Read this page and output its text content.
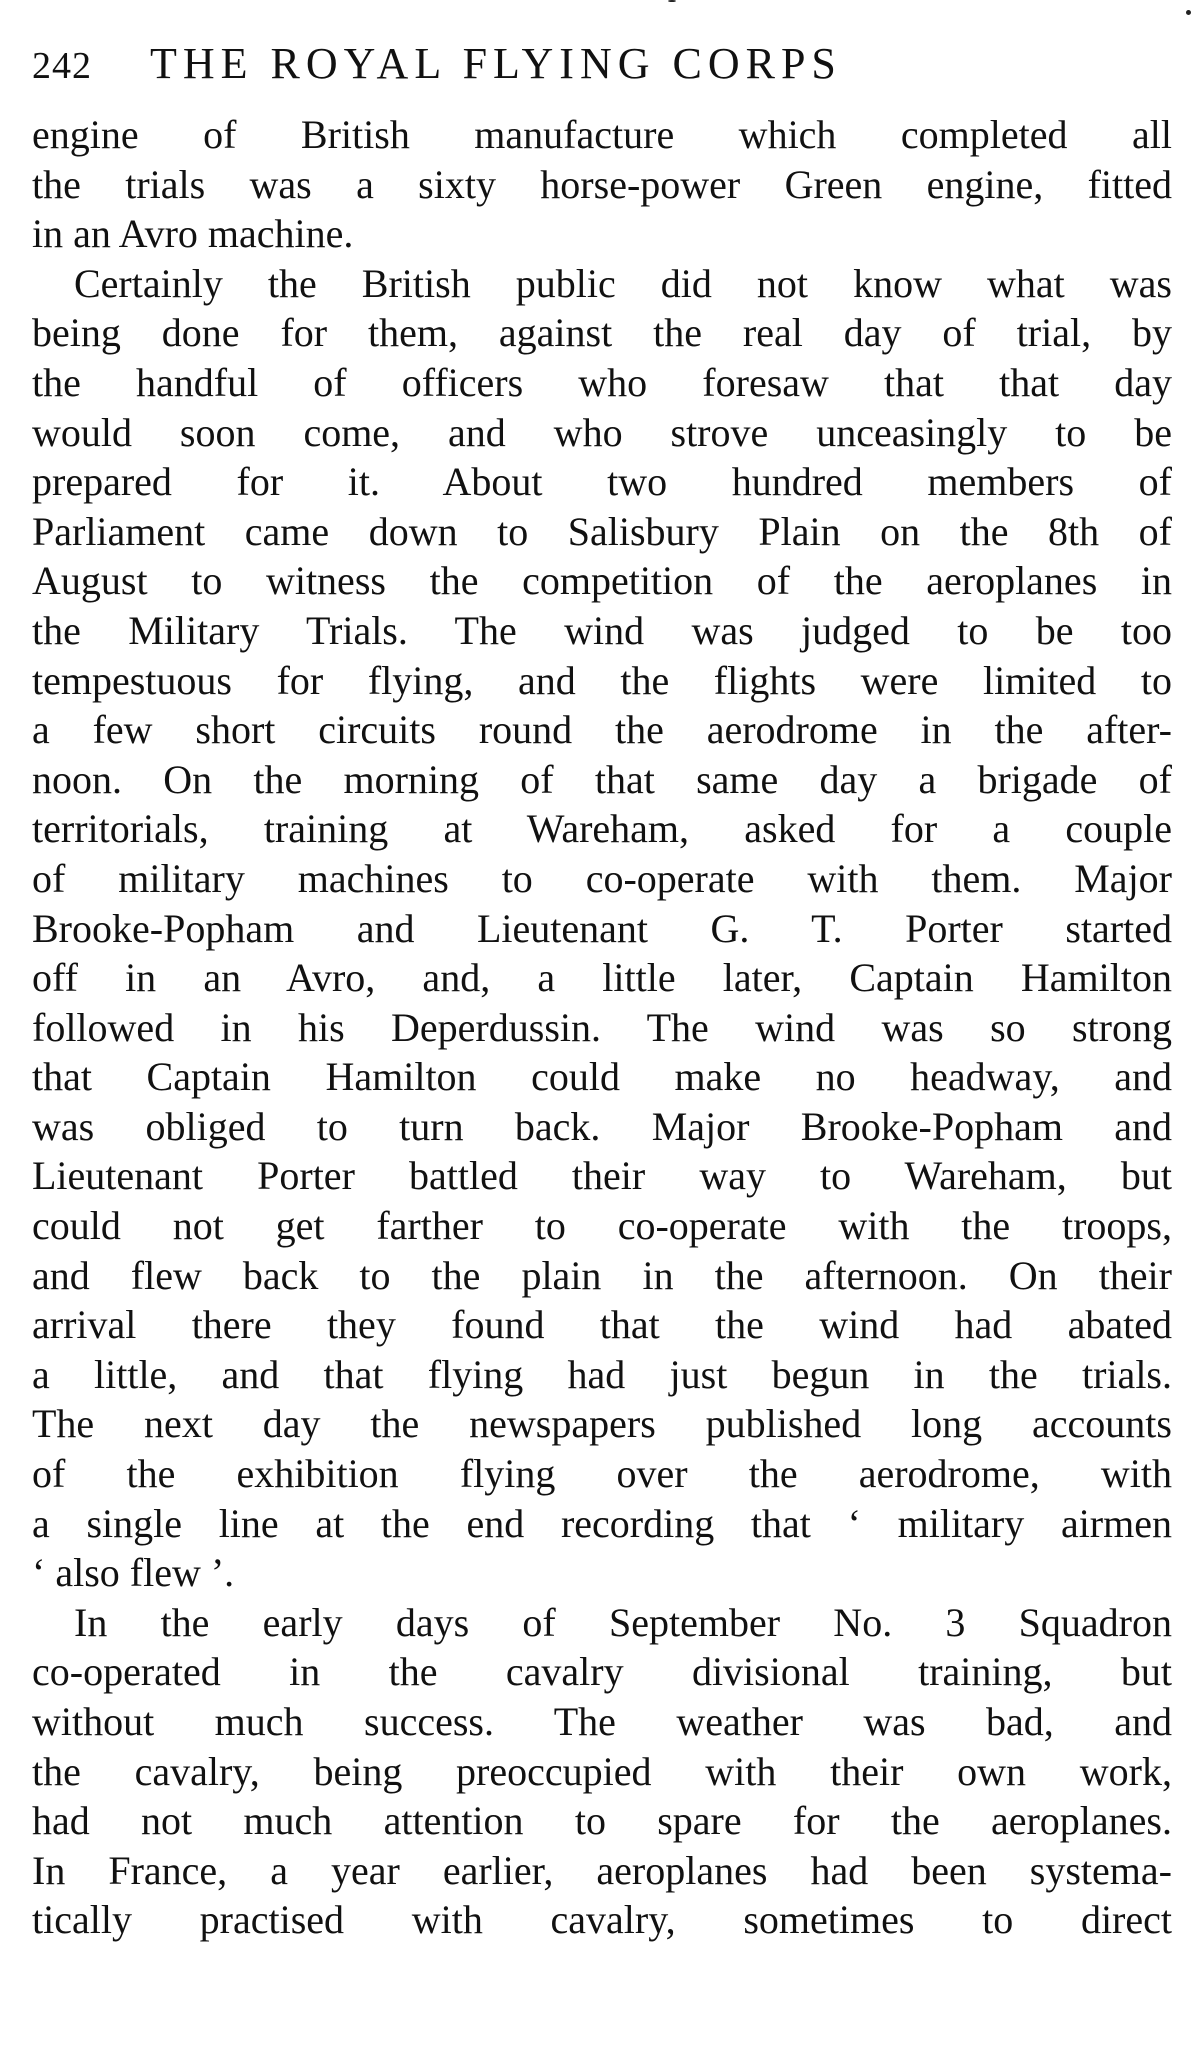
242 THE ROYAL FLYING CORPS
engine of British manufacture which completed all
the trials was a sixty horse-power Green engine, fitted
in an Avro machine.
Certainly the British public did not know what was
being done for them, against the real day of trial, by
the handful of officers who foresaw that that day
would soon come, and who strove unceasingly to be
prepared for it. About two hundred members of
Parliament came down to Salisbury Plain on the 8th of
August to witness the competition of the aeroplanes in
the Military Trials. The wind was judged to be too
tempestuous for flying, and the flights were limited to
a few short circuits round the aerodrome in the after-
noon. On the morning of that same day a brigade of
territorials, training at Wareham, asked for a couple
of military machines to co-operate with them. Major
Brooke-Popham and Lieutenant G. T. Porter started
off in an Avro, and, a little later, Captain Hamilton
followed in his Deperdussin. The wind was so strong
that Captain Hamilton could make no headway, and
was obliged to turn back. Major Brooke-Popham and
Lieutenant Porter battled their way to Wareham, but
could not get farther to co-operate with the troops,
and flew back to the plain in the afternoon. On their
arrival there they found that the wind had abated
a little, and that flying had just begun in the trials.
The next day the newspapers published long accounts
of the exhibition flying over the aerodrome, with
a single line at the end recording that ‘ military airmen
‘ also flew ’.
In the early days of September No. 3 Squadron
co-operated in the cavalry divisional training, but
without much success. The weather was bad, and
the cavalry, being preoccupied with their own work,
had not much attention to spare for the aeroplanes.
In France, a year earlier, aeroplanes had been systema-
tically practised with cavalry, sometimes to direct
